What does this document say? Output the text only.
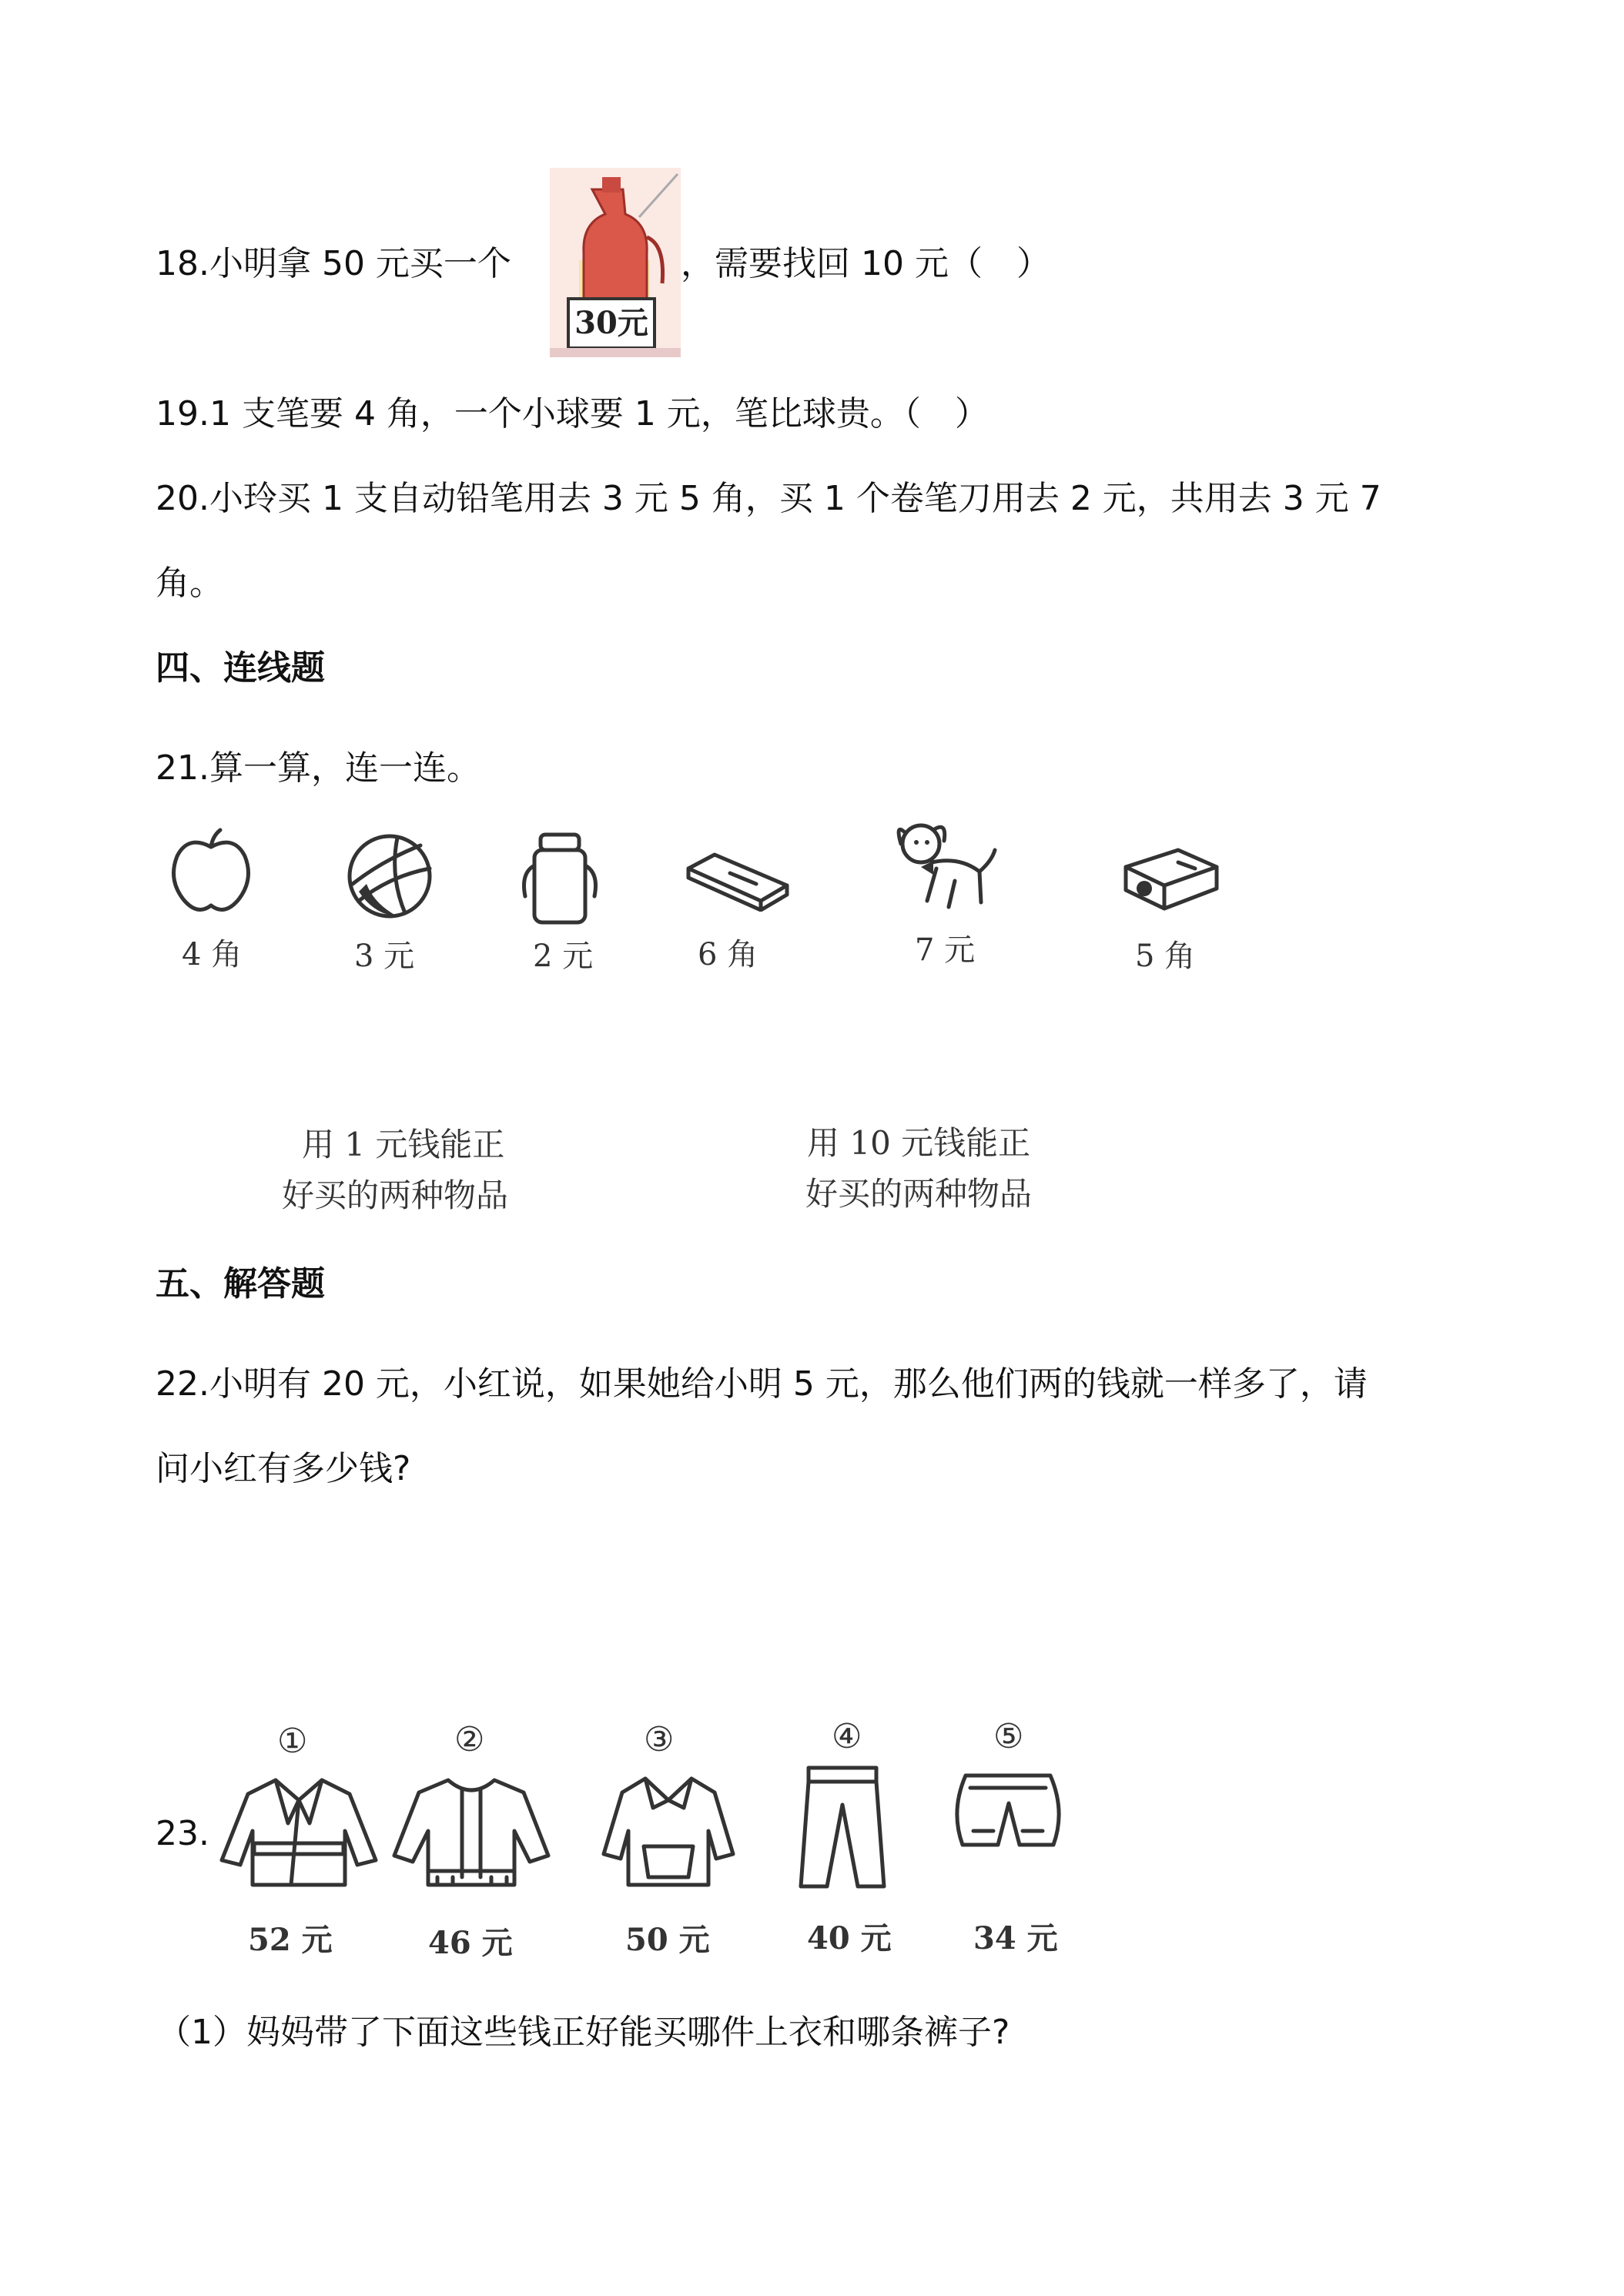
18.小明拿 50 元买一个
30元
，需要找回 10 元（　）
19.1 支笔要 4 角，一个小球要 1 元，笔比球贵。（　）
20.小玲买 1 支自动铅笔用去 3 元 5 角，买 1 个卷笔刀用去 2 元，共用去 3 元 7
角。
四、连线题
21.算一算，连一连。
4 角	3 元	2 元	6 角	7 元	5 角
用 1 元钱能正
好买的两种物品
用 10 元钱能正
好买的两种物品
五、解答题
22.小明有 20 元，小红说，如果她给小明 5 元，那么他们两的钱就一样多了，请
问小红有多少钱?
23.
①	②	③	④	⑤
52 元	46 元	50 元	40 元	34 元
（1）妈妈带了下面这些钱正好能买哪件上衣和哪条裤子?
